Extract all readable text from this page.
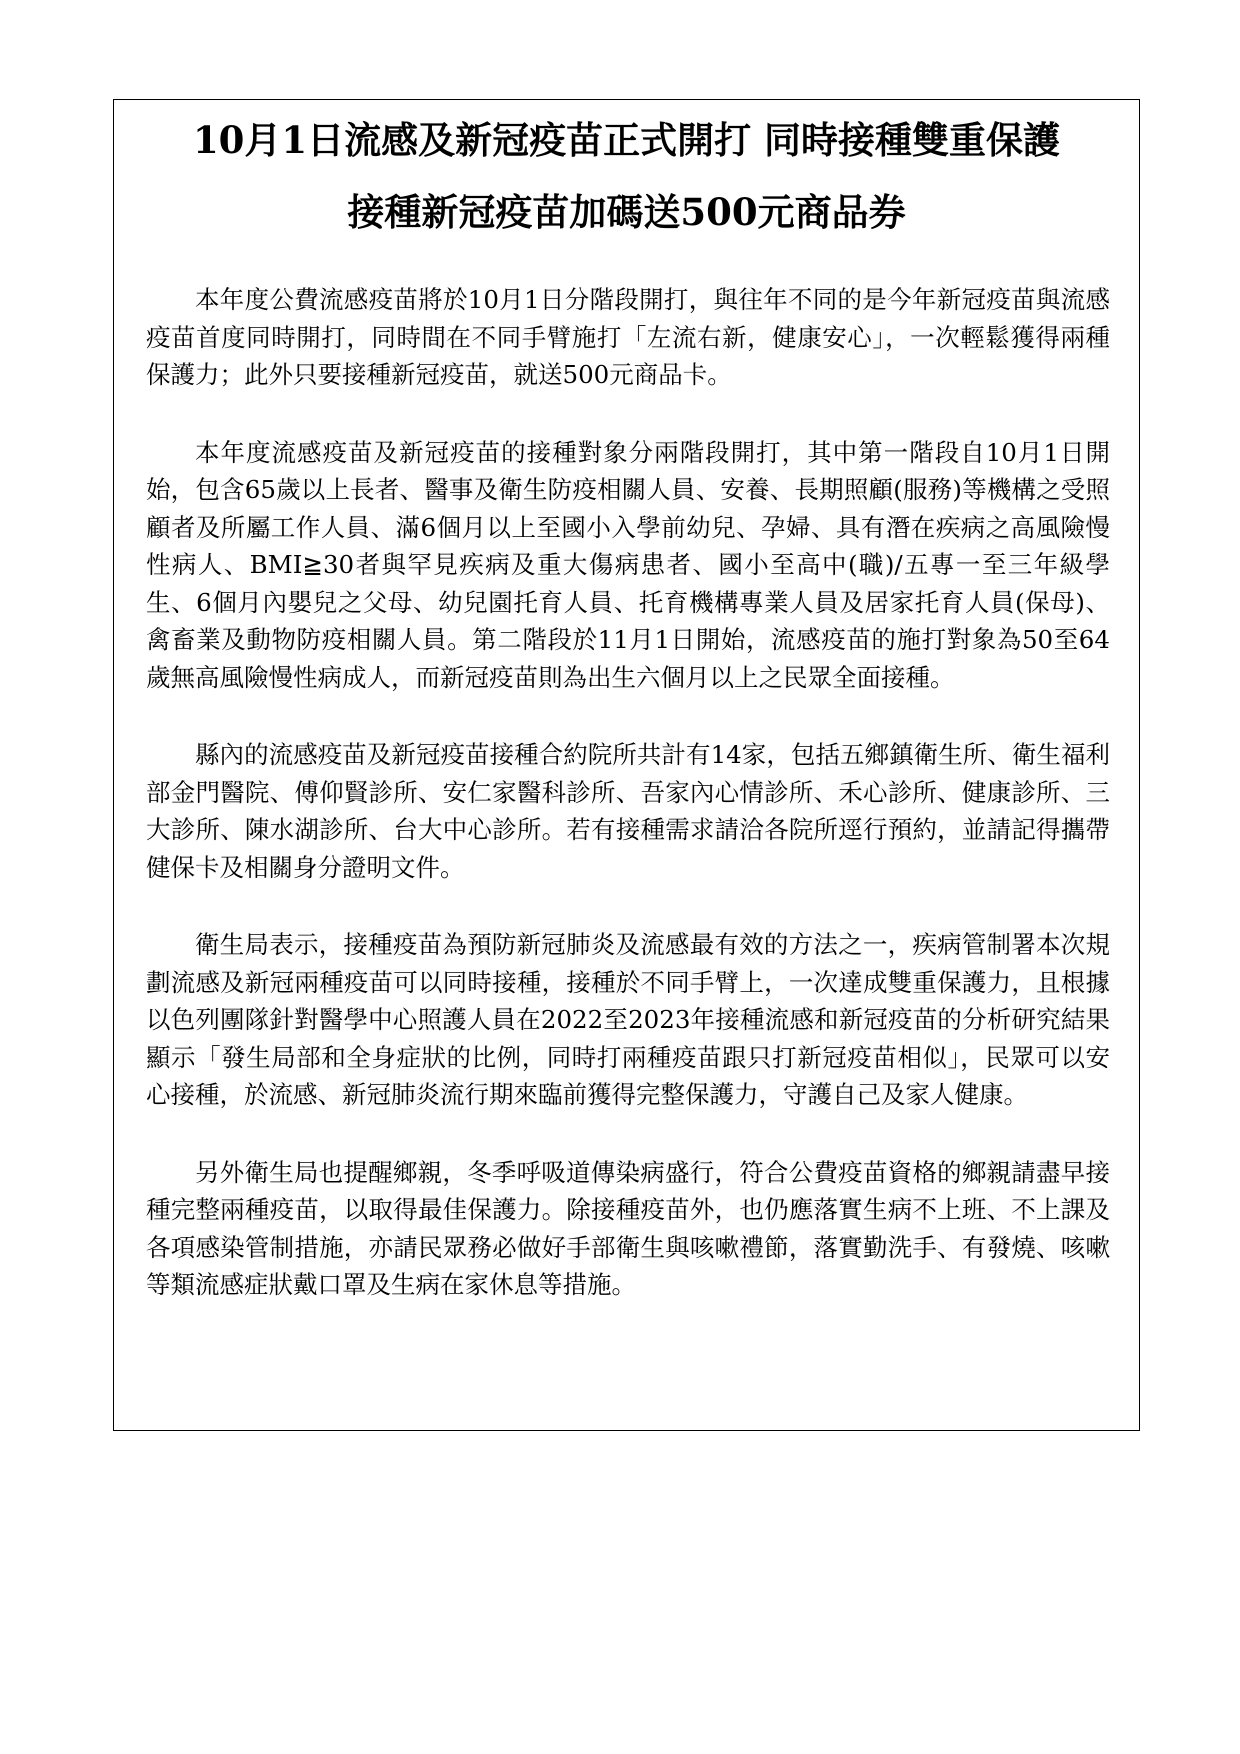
10月1日流感及新冠疫苗正式開打 同時接種雙重保護
接種新冠疫苗加碼送500元商品券

本年度公費流感疫苗將於10月1日分階段開打，與往年不同的是今年新冠疫苗與流感疫苗首度同時開打，同時間在不同手臂施打「左流右新，健康安心」，一次輕鬆獲得兩種保護力；此外只要接種新冠疫苗，就送500元商品卡。

本年度流感疫苗及新冠疫苗的接種對象分兩階段開打，其中第一階段自10月1日開始，包含65歲以上長者、醫事及衛生防疫相關人員、安養、長期照顧(服務)等機構之受照顧者及所屬工作人員、滿6個月以上至國小入學前幼兒、孕婦、具有潛在疾病之高風險慢性病人、BMI≧30者與罕見疾病及重大傷病患者、國小至高中(職)/五專一至三年級學生、6個月內嬰兒之父母、幼兒園托育人員、托育機構專業人員及居家托育人員(保母)、禽畜業及動物防疫相關人員。第二階段於11月1日開始，流感疫苗的施打對象為50至64歲無高風險慢性病成人，而新冠疫苗則為出生六個月以上之民眾全面接種。

縣內的流感疫苗及新冠疫苗接種合約院所共計有14家，包括五鄉鎮衛生所、衛生福利部金門醫院、傅仰賢診所、安仁家醫科診所、吾家內心情診所、禾心診所、健康診所、三大診所、陳水湖診所、台大中心診所。若有接種需求請洽各院所逕行預約，並請記得攜帶健保卡及相關身分證明文件。

衛生局表示，接種疫苗為預防新冠肺炎及流感最有效的方法之一，疾病管制署本次規劃流感及新冠兩種疫苗可以同時接種，接種於不同手臂上，一次達成雙重保護力，且根據以色列團隊針對醫學中心照護人員在2022至2023年接種流感和新冠疫苗的分析研究結果顯示「發生局部和全身症狀的比例，同時打兩種疫苗跟只打新冠疫苗相似」，民眾可以安心接種，於流感、新冠肺炎流行期來臨前獲得完整保護力，守護自己及家人健康。

另外衛生局也提醒鄉親，冬季呼吸道傳染病盛行，符合公費疫苗資格的鄉親請盡早接種完整兩種疫苗，以取得最佳保護力。除接種疫苗外，也仍應落實生病不上班、不上課及各項感染管制措施，亦請民眾務必做好手部衛生與咳嗽禮節，落實勤洗手、有發燒、咳嗽等類流感症狀戴口罩及生病在家休息等措施。
